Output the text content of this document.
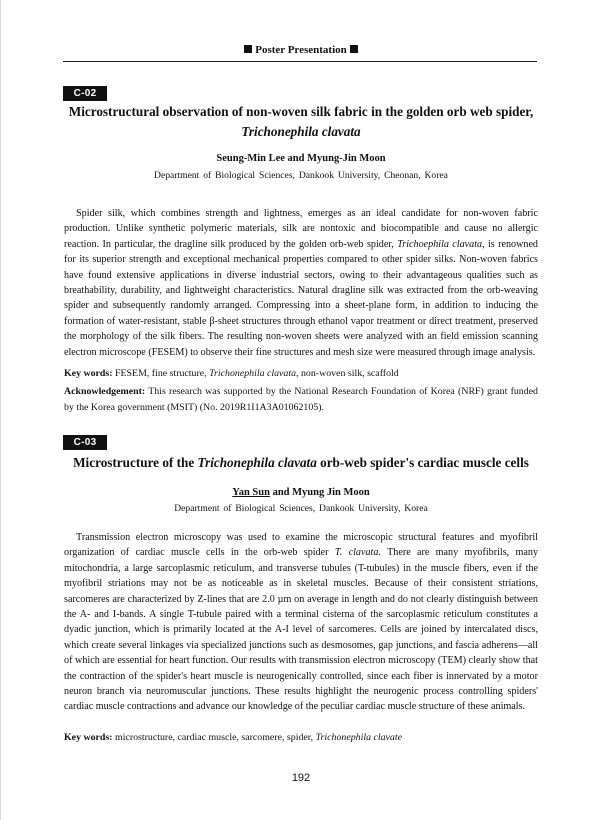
Poster Presentation
C-02
Microstructural observation of non-woven silk fabric in the golden orb web spider,
Trichonephila clavata
Seung-Min Lee and Myung-Jin Moon
Department of Biological Sciences, Dankook University, Cheonan, Korea

Spider silk, which combines strength and lightness, emerges as an ideal candidate for non-woven fabric production. Unlike synthetic polymeric materials, silk are nontoxic and biocompatible and cause no allergic reaction. In particular, the dragline silk produced by the golden orb-web spider, Trichoephila clavata, is renowned for its superior strength and exceptional mechanical properties compared to other spider silks. Non-woven fabrics have found extensive applications in diverse industrial sectors, owing to their advantageous qualities such as breathability, durability, and lightweight characteristics. Natural dragline silk was extracted from the orb-weaving spider and subsequently randomly arranged. Compressing into a sheet-plane form, in addition to inducing the formation of water-resistant, stable β-sheet structures through ethanol vapor treatment or direct treatment, preserved the morphology of the silk fibers. The resulting non-woven sheets were analyzed with an field emission scanning electron microscope (FESEM) to observe their fine structures and mesh size were measured through image analysis.

Key words: FESEM, fine structure, Trichonephila clavata, non-woven silk, scaffold

Acknowledgement: This research was supported by the National Research Foundation of Korea (NRF) grant funded by the Korea government (MSIT) (No. 2019R1I1A3A01062105).

C-03
Microstructure of the Trichonephila clavata orb-web spider's cardiac muscle cells
Yan Sun and Myung Jin Moon
Department of Biological Sciences, Dankook University, Korea

Transmission electron microscopy was used to examine the microscopic structural features and myofibril organization of cardiac muscle cells in the orb-web spider T. clavata. There are many myofibrils, many mitochondria, a large sarcoplasmic reticulum, and transverse tubules (T-tubules) in the muscle fibers, even if the myofibril striations may not be as noticeable as in skeletal muscles. Because of their consistent striations, sarcomeres are characterized by Z-lines that are 2.0 µm on average in length and do not clearly distinguish between the A- and I-bands. A single T-tubule paired with a terminal cisterna of the sarcoplasmic reticulum constitutes a dyadic junction, which is primarily located at the A-I level of sarcomeres. Cells are joined by intercalated discs, which create several linkages via specialized junctions such as desmosomes, gap junctions, and fascia adherens—all of which are essential for heart function. Our results with transmission electron microscopy (TEM) clearly show that the contraction of the spider's heart muscle is neurogenically controlled, since each fiber is innervated by a motor neuron branch via neuromuscular junctions. These results highlight the neurogenic process controlling spiders' cardiac muscle contractions and advance our knowledge of the peculiar cardiac muscle structure of these animals.

Key words: microstructure, cardiac muscle, sarcomere, spider, Trichonephila clavate

192
